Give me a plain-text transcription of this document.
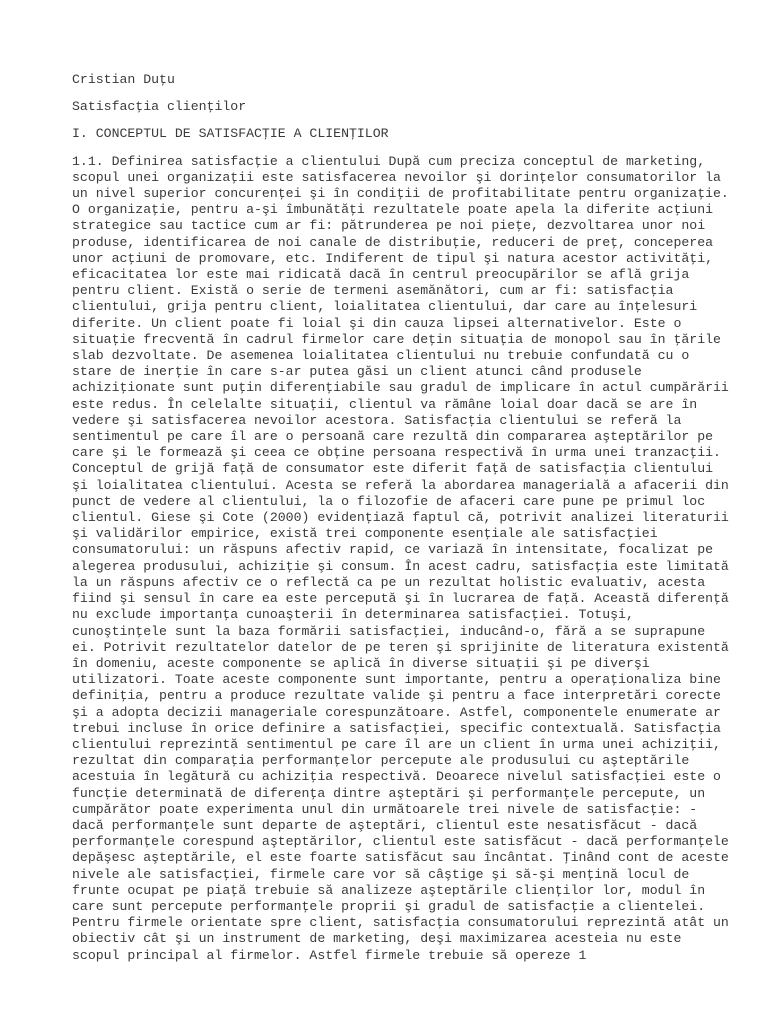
Cristian Duţu
Satisfacţia clienţilor
I. CONCEPTUL DE SATISFACŢIE A CLIENŢILOR
1.1. Definirea satisfacţie a clientului După cum preciza conceptul de marketing,
scopul unei organizaţii este satisfacerea nevoilor şi dorinţelor consumatorilor la
un nivel superior concurenţei şi în condiţii de profitabilitate pentru organizaţie.
O organizaţie, pentru a-şi îmbunătăţi rezultatele poate apela la diferite acţiuni
strategice sau tactice cum ar fi: pătrunderea pe noi pieţe, dezvoltarea unor noi
produse, identificarea de noi canale de distribuţie, reduceri de preţ, conceperea
unor acţiuni de promovare, etc. Indiferent de tipul şi natura acestor activităţi,
eficacitatea lor este mai ridicată dacă în centrul preocupărilor se află grija
pentru client. Există o serie de termeni asemănători, cum ar fi: satisfacţia
clientului, grija pentru client, loialitatea clientului, dar care au înţelesuri
diferite. Un client poate fi loial şi din cauza lipsei alternativelor. Este o
situaţie frecventă în cadrul firmelor care deţin situaţia de monopol sau în ţările
slab dezvoltate. De asemenea loialitatea clientului nu trebuie confundată cu o
stare de inerţie în care s-ar putea găsi un client atunci când produsele
achiziţionate sunt puţin diferenţiabile sau gradul de implicare în actul cumpărării
este redus. În celelalte situaţii, clientul va rămâne loial doar dacă se are în
vedere şi satisfacerea nevoilor acestora. Satisfacţia clientului se referă la
sentimentul pe care îl are o persoană care rezultă din compararea aşteptărilor pe
care şi le formează şi ceea ce obţine persoana respectivă în urma unei tranzacţii.
Conceptul de grijă faţă de consumator este diferit faţă de satisfacţia clientului
şi loialitatea clientului. Acesta se referă la abordarea managerială a afacerii din
punct de vedere al clientului, la o filozofie de afaceri care pune pe primul loc
clientul. Giese şi Cote (2000) evidenţiază faptul că, potrivit analizei literaturii
şi validărilor empirice, există trei componente esenţiale ale satisfacţiei
consumatorului: un răspuns afectiv rapid, ce variază în intensitate, focalizat pe
alegerea produsului, achiziţie şi consum. În acest cadru, satisfacţia este limitată
la un răspuns afectiv ce o reflectă ca pe un rezultat holistic evaluativ, acesta
fiind şi sensul în care ea este percepută şi în lucrarea de faţă. Această diferenţă
nu exclude importanţa cunoaşterii în determinarea satisfacţiei. Totuşi,
cunoştinţele sunt la baza formării satisfacţiei, inducând-o, fără a se suprapune
ei. Potrivit rezultatelor datelor de pe teren şi sprijinite de literatura existentă
în domeniu, aceste componente se aplică în diverse situaţii şi pe diverşi
utilizatori. Toate aceste componente sunt importante, pentru a operaţionaliza bine
definiţia, pentru a produce rezultate valide şi pentru a face interpretări corecte
şi a adopta decizii manageriale corespunzătoare. Astfel, componentele enumerate ar
trebui incluse în orice definire a satisfacţiei, specific contextuală. Satisfacţia
clientului reprezintă sentimentul pe care îl are un client în urma unei achiziţii,
rezultat din comparaţia performanţelor percepute ale produsului cu aşteptările
acestuia în legătură cu achiziţia respectivă. Deoarece nivelul satisfacţiei este o
funcţie determinată de diferenţa dintre aşteptări şi performanţele percepute, un
cumpărător poate experimenta unul din următoarele trei nivele de satisfacţie: -
dacă performanţele sunt departe de aşteptări, clientul este nesatisfăcut - dacă
performanţele corespund aşteptărilor, clientul este satisfăcut - dacă performanţele
depăşesc aşteptările, el este foarte satisfăcut sau încântat. Ţinând cont de aceste
nivele ale satisfacţiei, firmele care vor să câştige şi să-şi menţină locul de
frunte ocupat pe piaţă trebuie să analizeze aşteptările clienţilor lor, modul în
care sunt percepute performanţele proprii şi gradul de satisfacţie a clientelei.
Pentru firmele orientate spre client, satisfacţia consumatorului reprezintă atât un
obiectiv cât şi un instrument de marketing, deşi maximizarea acesteia nu este
scopul principal al firmelor. Astfel firmele trebuie să opereze 1
